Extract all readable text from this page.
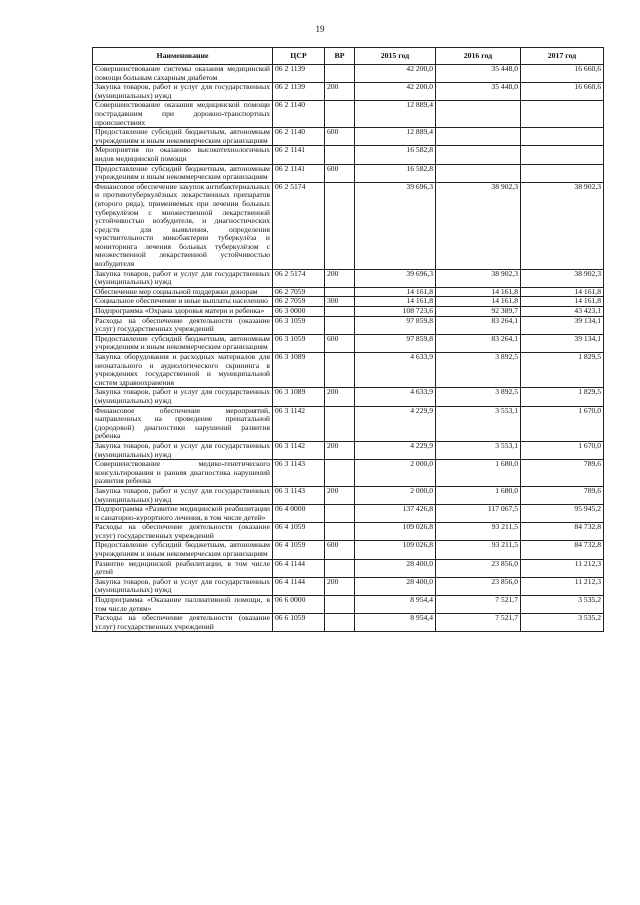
19
Наименование	ЦСР	ВР	2015 год	2016 год	2017 год
Совершенствование системы оказания медицинской помощи больным сахарным диабетом	06 2 1139		42 200,0	35 448,0	16 660,6
Закупка товаров, работ и услуг для государственных (муниципальных) нужд	06 2 1139	200	42 200,0	35 448,0	16 660,6
Совершенствование оказания медицинской помощи пострадавшим при дорожно-транспортных происшествиях	06 2 1140		12 889,4		
Предоставление субсидий бюджетным, автономным учреждениям и иным некоммерческим организациям	06 2 1140	600	12 889,4		
Мероприятия по оказанию высокотехнологичных видов медицинской помощи	06 2 1141		16 582,8		
Предоставление субсидий бюджетным, автономным учреждениям и иным некоммерческим организациям	06 2 1141	600	16 582,8		
Финансовое обеспечение закупок антибактериальных и противотуберкулёзных лекарственных препаратов (второго ряда), применяемых при лечении больных туберкулёзом с множественной лекарственной устойчивостью возбудителя, и диагностических средств для выявления, определения чувствительности микобактерии туберкулёза и мониторинга лечения больных туберкулёзом с множественной лекарственной устойчивостью возбудителя	06 2 5174		39 696,3	38 902,3	38 902,3
Закупка товаров, работ и услуг для государственных (муниципальных) нужд	06 2 5174	200	39 696,3	38 902,3	38 902,3
Обеспечение мер социальной поддержки донорам	06 2 7059		14 161,8	14 161,8	14 161,8
Социальное обеспечение и иные выплаты населению	06 2 7059	300	14 161,8	14 161,8	14 161,8
Подпрограмма «Охрана здоровья матери и ребенка»	06 3 0000		108 723,6	92 389,7	43 423,1
Расходы на обеспечение деятельности (оказание услуг) государственных учреждений	06 3 1059		97 859,8	83 264,1	39 134,1
Предоставление субсидий бюджетным, автономным учреждениям и иным некоммерческим организациям	06 3 1059	600	97 859,8	83 264,1	39 134,1
Закупка оборудования и расходных материалов для неонатального и аудиологического скрининга в учреждениях государственной и муниципальной систем здравоохранения	06 3 1089		4 633,9	3 892,5	1 829,5
Закупка товаров, работ и услуг для государственных (муниципальных) нужд	06 3 1089	200	4 633,9	3 892,5	1 829,5
Финансовое обеспечение мероприятий, направленных на проведение пренатальной (дородовой) диагностики нарушений развития ребенка	06 3 1142		4 229,9	3 553,1	1 670,0
Закупка товаров, работ и услуг для государственных (муниципальных) нужд	06 3 1142	200	4 229,9	3 553,1	1 670,0
Совершенствование медико-генетического консультирования и ранняя диагностика нарушений развития ребенка	06 3 1143		2 000,0	1 680,0	789,6
Закупка товаров, работ и услуг для государственных (муниципальных) нужд	06 3 1143	200	2 000,0	1 680,0	789,6
Подпрограмма «Развитие медицинской реабилитации и санаторно-курортного лечения, в том числе детей»	06 4 0000		137 426,8	117 067,5	95 945,2
Расходы на обеспечение деятельности (оказание услуг) государственных учреждений	06 4 1059		109 026,8	93 211,5	84 732,8
Предоставление субсидий бюджетным, автономным учреждениям и иным некоммерческим организациям	06 4 1059	600	109 026,8	93 211,5	84 732,8
Развитие медицинской реабилитации, в том числе детей	06 4 1144		28 400,0	23 856,0	11 212,3
Закупка товаров, работ и услуг для государственных (муниципальных) нужд	06 4 1144	200	28 400,0	23 856,0	11 212,3
Подпрограмма «Оказание паллиативной помощи, в том числе детям»	06 6 0000		8 954,4	7 521,7	3 535,2
Расходы на обеспечение деятельности (оказание услуг) государственных учреждений	06 6 1059		8 954,4	7 521,7	3 535,2
